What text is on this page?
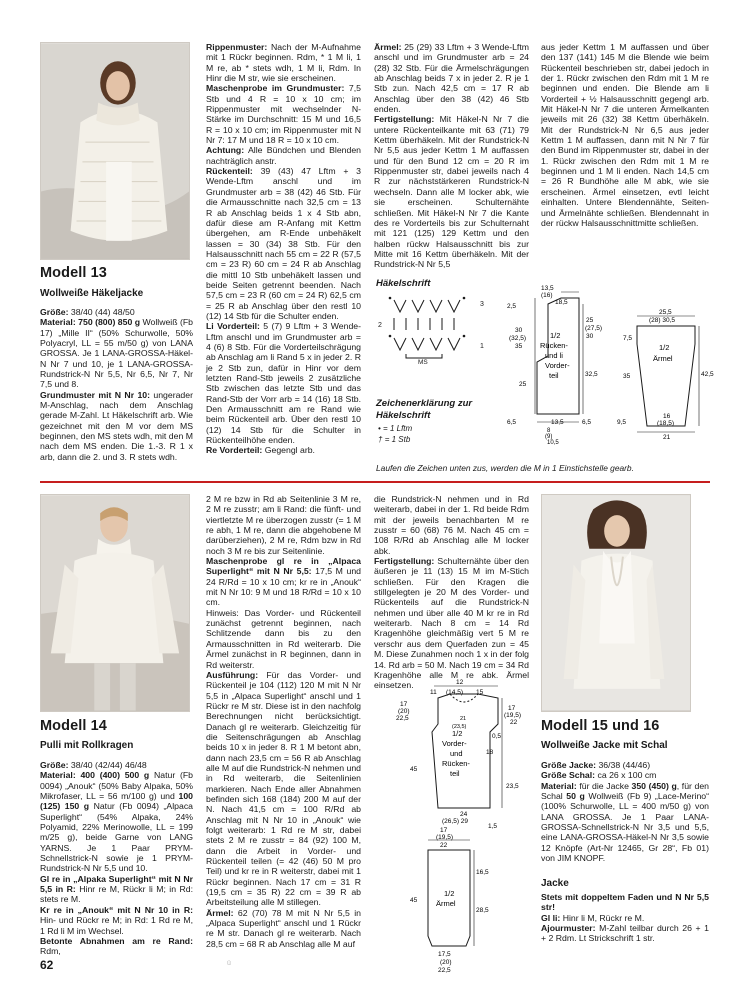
Modell 13
Wollweiße Häkeljacke

Größe: 38/40 (44) 48/50

Material: 750 (800) 850 g Wollweiß (Fb 17) „Mille II“ (50% Schurwolle, 50% Polyacryl, LL = 55 m/50 g) von LANA GROSSA. Je 1 LANA-GROSSA-Häkel-N Nr 7 und 10, je 1 LANA-GROSSA-Rundstrick-N Nr 5,5, Nr 6,5, Nr 7, Nr 7,5 und 8.

Grundmuster mit N Nr 10: ungerader M-Anschlag, nach dem Anschlag gerade M-Zahl. Lt Häkelschrift arb. Wie gezeichnet mit den M vor dem MS beginnen, den MS stets wdh, mit den M nach dem MS enden. Die 1.-3. R 1 x arb, dann die 2. und 3. R stets wdh.

Rippenmuster: Nach der M-Aufnahme mit 1 Rückr beginnen. Rdm, * 1 M li, 1 M re, ab * stets wdh, 1 M li, Rdm. In Hinr die M str, wie sie erscheinen.

Maschenprobe im Grundmuster: 7,5 Stb und 4 R = 10 x 10 cm; im Rippenmuster mit wechselnder N-Stärke im Durchschnitt: 15 M und 16,5 R = 10 x 10 cm; im Rippenmuster mit N Nr 7: 17 M und 18 R = 10 x 10 cm.

Achtung: Alle Bündchen und Blenden nachträglich anstr.

Rückenteil: 39 (43) 47 Lftm + 3 Wende-Lftm anschl und im Grundmuster arb = 38 (42) 46 Stb. Für die Armausschnitte nach 32,5 cm = 13 R ab Anschlag beids 1 x 4 Stb abn, dafür diese am R-Anfang mit Kettm übergehen, am R-Ende unbehäkelt lassen = 30 (34) 38 Stb. Für den Halsausschnitt nach 55 cm = 22 R (57,5 cm = 23 R) 60 cm = 24 R ab Anschlag die mittl 10 Stb unbehäkelt lassen und beide Seiten getrennt beenden. Nach 57,5 cm = 23 R (60 cm = 24 R) 62,5 cm = 25 R ab Anschlag über den restl 10 (12) 14 Stb für die Schulter enden.

Li Vorderteil: 5 (7) 9 Lftm + 3 Wende-Lftm anschl und im Grundmuster arb = 4 (6) 8 Stb. Für die Vorderteilschrägung ab Anschlag am li Rand 5 x in jeder 2. R je 2 Stb zun, dafür in Hinr vor dem letzten Rand-Stb jeweils 2 zusätzliche Stb zwischen das letzte Stb und das Rand-Stb der Vorr arb = 14 (16) 18 Stb. Den Armausschnitt am re Rand wie beim Rückenteil arb. Über den restl 10 (12) 14 Stb für die Schulter in Rückenteilhöhe enden.

Re Vorderteil: Gegengl arb.

Ärmel: 25 (29) 33 Lftm + 3 Wende-Lftm anschl und im Grundmuster arb = 24 (28) 32 Stb. Für die Ärmelschrägungen ab Anschlag beids 7 x in jeder 2. R je 1 Stb zun. Nach 42,5 cm = 17 R ab Anschlag über den 38 (42) 46 Stb enden.

Fertigstellung: Mit Häkel-N Nr 7 die untere Rückenteilkante mit 63 (71) 79 Kettm überhäkeln. Mit der Rundstrick-N Nr 5,5 aus jeder Kettm 1 M auffassen und für den Bund 12 cm = 20 R im Rippenmuster str, dabei jeweils nach 4 R zur nächststärkeren Rundstrick-N wechseln. Dann alle M locker abk, wie sie erscheinen. Schulternähte schließen. Mit Häkel-N Nr 7 die Kante des re Vorderteils bis zur Schulternaht mit 121 (125) 129 Kettm und den halben rückw Halsausschnitt bis zur Mitte mit 16 Kettm überhäkeln. Mit der Rundstrick-N Nr 5,5

aus jeder Kettm 1 M auffassen und über den 137 (141) 145 M die Blende wie beim Rückenteil beschrieben str, dabei jedoch in der 1. Rückr zwischen den Rdm mit 1 M re beginnen und enden. Die Blende am li Vorderteil + ½ Halsausschnitt gegengl arb. Mit Häkel-N Nr 7 die unteren Ärmelkanten jeweils mit 26 (32) 38 Kettm überhäkeln. Mit der Rundstrick-N Nr 6,5 aus jeder Kettm 1 M auffassen, dann mit N Nr 7 für den Bund im Rippenmuster str, dabei in der 1. Rückr zwischen den Rdm mit 1 M re beginnen und 1 M li enden. Nach 14,5 cm = 26 R Bundhöhe alle M abk, wie sie erscheinen. Ärmel einsetzen, evtl leicht einhalten. Untere Blendennähte, Seiten- und Ärmelnähte schließen. Blendennaht in der rückw Halsausschnittmitte schließen.

Häkelschrift
3
2
1
MS
Zeichenerklärung zur Häkelschrift
• = 1 Lftm
† = 1 Stb
13,5
(16)
18,5
2,5
30
(32,5)
35
25
(27,5)
30
25
32,5
1/2
Rücken-
und li
Vorder-
teil
6,5	13,5	6,5
8
(9)
10,5
25,5
(28) 30,5
7,5
35	42,5
9,5
1/2
Ärmel
16
(18,5)
21
Laufen die Zeichen unten zus, werden die M in 1 Einstichstelle gearb.
Modell 14
Pulli mit Rollkragen

Größe: 38/40 (42/44) 46/48

Material: 400 (400) 500 g Natur (Fb 0094) „Anouk“ (50% Baby Alpaka, 50% Mikrofaser, LL = 56 m/100 g) und 100 (125) 150 g Natur (Fb 0094) „Alpaca Superlight“ (54% Alpaka, 24% Polyamid, 22% Merinowolle, LL = 199 m/25 g), beide Garne von LANG YARNS. Je 1 Paar PRYM-Schnellstrick-N sowie je 1 PRYM-Rundstrick-N Nr 5,5 und 10.

Gl re in „Alpaka Superlight“ mit N Nr 5,5 in R: Hinr re M, Rückr li M; in Rd: stets re M.

Kr re in „Anouk“ mit N Nr 10 in R: Hin- und Rückr re M; in Rd: 1 Rd re M, 1 Rd li M im Wechsel.

Betonte Abnahmen am re Rand: Rdm,

2 M re bzw in Rd ab Seitenlinie 3 M re, 2 M re zusstr; am li Rand: die fünft- und viertletzte M re überzogen zusstr (= 1 M re abh, 1 M re, dann die abgehobene M darüberziehen), 2 M re, Rdm bzw in Rd noch 3 M re bis zur Seitenlinie.

Maschenprobe gl re in „Alpaca Superlight“ mit N Nr 5,5: 17,5 M und 24 R/Rd = 10 x 10 cm; kr re in „Anouk“ mit N Nr 10: 9 M und 18 R/Rd = 10 x 10 cm.

Hinweis: Das Vorder- und Rückenteil zunächst getrennt beginnen, nach Schlitzende dann bis zu den Armausschnitten in Rd weiterarb. Die Ärmel zunächst in R beginnen, dann in Rd weiterstr.

Ausführung: Für das Vorder- und Rückenteil je 104 (112) 120 M mit N Nr 5,5 in „Alpaca Superlight“ anschl und 1 Rückr re M str. Diese ist in den nachfolg Berechnungen nicht berücksichtigt. Danach gl re weiterarb. Gleichzeitig für die Seitenschrägungen ab Anschlag beids 10 x in jeder 8. R 1 M betont abn, dann nach 23,5 cm = 56 R ab Anschlag alle M auf die Rundstrick-N nehmen und in Rd weiterarb, die Seitenlinien markieren. Nach Ende aller Abnahmen befinden sich 168 (184) 200 M auf der N. Nach 41,5 cm = 100 R/Rd ab Anschlag mit N Nr 10 in „Anouk“ wie folgt weiterarb: 1 Rd re M str, dabei stets 2 M re zusstr = 84 (92) 100 M, dann die Arbeit in Vorder- und Rückenteil teilen (= 42 (46) 50 M pro Teil) und kr re in R weiterstr, dabei mit 1 Rückr beginnen. Nach 17 cm = 31 R (19,5 cm = 35 R) 22 cm = 39 R ab Arbeitsteilung alle M stillegen.

Ärmel: 62 (70) 78 M mit N Nr 5,5 in „Alpaca Superlight“ anschl und 1 Rückr re M str. Danach gl re weiterarb. Nach 28,5 cm = 68 R ab Anschlag alle M auf

die Rundstrick-N nehmen und in Rd weiterarb, dabei in der 1. Rd beide Rdm mit der jeweils benachbarten M re zusstr = 60 (68) 76 M. Nach 45 cm = 108 R/Rd ab Anschlag alle M locker abk.

Fertigstellung: Schulternähte über den äußeren je 11 (13) 15 M im M-Stich schließen. Für den Kragen die stillgelegten je 20 M des Vorder- und Rückenteils auf die Rundstrick-N nehmen und über alle 40 M kr re in Rd weiterarb. Nach 8 cm = 14 Rd Kragenhöhe gleichmäßig vert 5 M re verschr aus dem Querfaden zun = 45 M. Diese Zunahmen noch 1 x in der folg 14. Rd arb = 50 M. Nach 19 cm = 34 Rd Kragenhöhe alle M re abk. Ärmel einsetzen.	12
11 (14,5) 15
17
(20)
22,5
17
(19,5)
22
21
(23,5)
0,5
18
45
23,5
1/2
Vorder-
und
Rücken-
teil
24
(26,5) 29
1,5
17
(19,5)
22
16,5
45
28,5
1/2
Ärmel
17,5
(20)
22,5
Modell 15 und 16
Wollweiße Jacke mit Schal

Größe Jacke: 36/38 (44/46)

Größe Schal: ca 26 x 100 cm

Material: für die Jacke 350 (450) g, für den Schal 50 g Wollweiß (Fb 9) „Lace-Merino“ (100% Schurwolle, LL = 400 m/50 g) von LANA GROSSA. Je 1 Paar LANA-GROSSA-Schnellstrick-N Nr 3,5 und 5,5, eine LANA-GROSSA-Häkel-N Nr 3,5 sowie 12 Knöpfe (Art-Nr 12465, Gr 28“, Fb 01) von JIM KNOPF.

Jacke

Stets mit doppeltem Faden und N Nr 5,5 str!

Gl li: Hinr li M, Rückr re M.

Ajourmuster: M-Zahl teilbar durch 26 + 1 + 2 Rdm. Lt Strickschrift 1 str.

62	ü
